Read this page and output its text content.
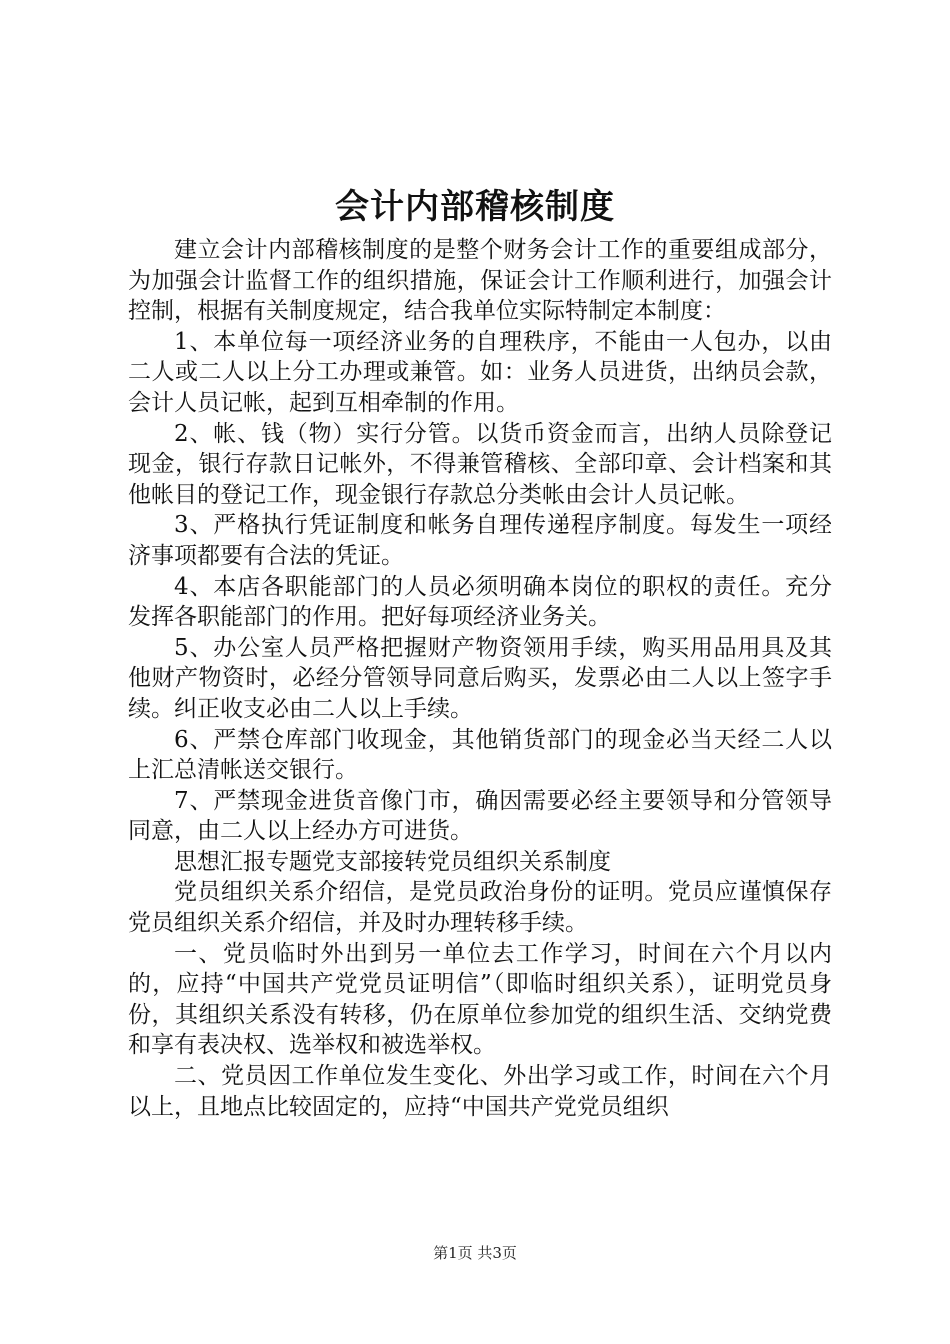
会计内部稽核制度

建立会计内部稽核制度的是整个财务会计工作的重要组成部分，为加强会计监督工作的组织措施，保证会计工作顺利进行，加强会计控制，根据有关制度规定，结合我单位实际特制定本制度：

1、本单位每一项经济业务的自理秩序，不能由一人包办，以由二人或二人以上分工办理或兼管。如：业务人员进货，出纳员会款，会计人员记帐，起到互相牵制的作用。

2、帐、钱（物）实行分管。以货币资金而言，出纳人员除登记现金，银行存款日记帐外，不得兼管稽核、全部印章、会计档案和其他帐目的登记工作，现金银行存款总分类帐由会计人员记帐。

3、严格执行凭证制度和帐务自理传递程序制度。每发生一项经济事项都要有合法的凭证。

4、本店各职能部门的人员必须明确本岗位的职权的责任。充分发挥各职能部门的作用。把好每项经济业务关。

5、办公室人员严格把握财产物资领用手续，购买用品用具及其他财产物资时，必经分管领导同意后购买，发票必由二人以上签字手续。纠正收支必由二人以上手续。

6、严禁仓库部门收现金，其他销货部门的现金必当天经二人以上汇总清帐送交银行。

7、严禁现金进货音像门市，确因需要必经主要领导和分管领导同意，由二人以上经办方可进货。

思想汇报专题党支部接转党员组织关系制度

党员组织关系介绍信，是党员政治身份的证明。党员应谨慎保存党员组织关系介绍信，并及时办理转移手续。

一、党员临时外出到另一单位去工作学习，时间在六个月以内的，应持“中国共产党党员证明信”（即临时组织关系），证明党员身份，其组织关系没有转移，仍在原单位参加党的组织生活、交纳党费和享有表决权、选举权和被选举权。

二、党员因工作单位发生变化、外出学习或工作，时间在六个月以上，且地点比较固定的，应持“中国共产党党员组织

第1页 共3页
